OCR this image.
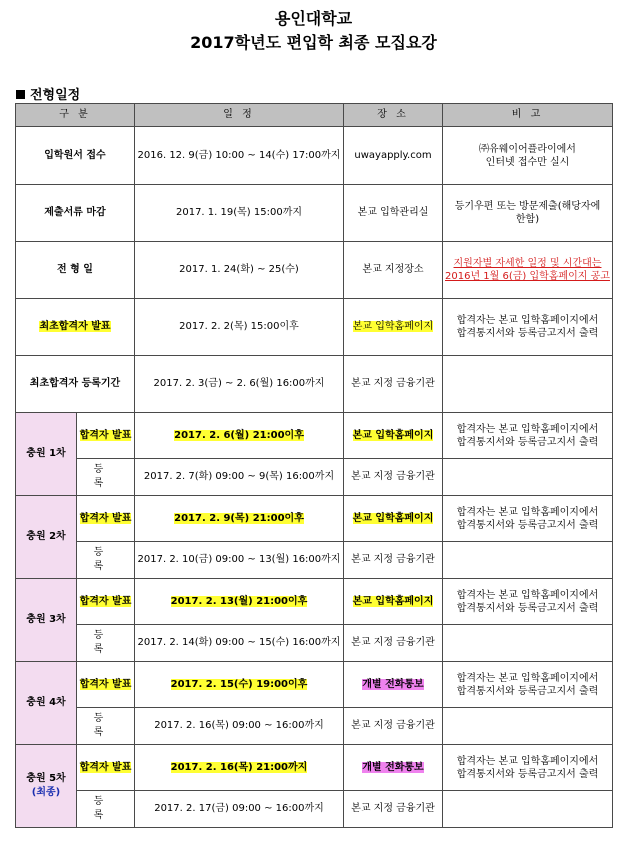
용인대학교
2017학년도 편입학 최종 모집요강
전형일정
구 분		일 정	장 소	비 고
입학원서 접수		2016. 12. 9(금) 10:00 ~ 14(수) 17:00까지	uwayapply.com	㈜유웨이어플라이에서
인터넷 접수만 실시
제출서류 마감		2017. 1. 19(목) 15:00까지	본교 입학관리실	등기우편 또는 방문제출(해당자에
한함)
전 형 일		2017. 1. 24(화) ~ 25(수)	본교 지정장소	지원자별 자세한 일정 및 시간대는
2016년 1월 6(금) 입학홈페이지 공고
최초합격자 발표		2017. 2. 2(목) 15:00이후	본교 입학홈페이지	합격자는 본교 입학홈페이지에서
합격통지서와 등록금고지서 출력
최초합격자 등록기간		2017. 2. 3(금) ~ 2. 6(월) 16:00까지	본교 지정 금융기관	
충원 1차	합격자 발표	2017. 2. 6(월) 21:00이후	본교 입학홈페이지	합격자는 본교 입학홈페이지에서
합격통지서와 등록금고지서 출력
	등 록	2017. 2. 7(화) 09:00 ~ 9(목) 16:00까지	본교 지정 금융기관	
충원 2차	합격자 발표	2017. 2. 9(목) 21:00이후	본교 입학홈페이지	합격자는 본교 입학홈페이지에서
합격통지서와 등록금고지서 출력
	등 록	2017. 2. 10(금) 09:00 ~ 13(월) 16:00까지	본교 지정 금융기관	
충원 3차	합격자 발표	2017. 2. 13(월) 21:00이후	본교 입학홈페이지	합격자는 본교 입학홈페이지에서
합격통지서와 등록금고지서 출력
	등 록	2017. 2. 14(화) 09:00 ~ 15(수) 16:00까지	본교 지정 금융기관	
충원 4차	합격자 발표	2017. 2. 15(수) 19:00이후	개별 전화통보	합격자는 본교 입학홈페이지에서
합격통지서와 등록금고지서 출력
	등 록	2017. 2. 16(목) 09:00 ~ 16:00까지	본교 지정 금융기관	
충원 5차
(최종)	합격자 발표	2017. 2. 16(목) 21:00까지	개별 전화통보	합격자는 본교 입학홈페이지에서
합격통지서와 등록금고지서 출력
	등 록	2017. 2. 17(금) 09:00 ~ 16:00까지	본교 지정 금융기관	
